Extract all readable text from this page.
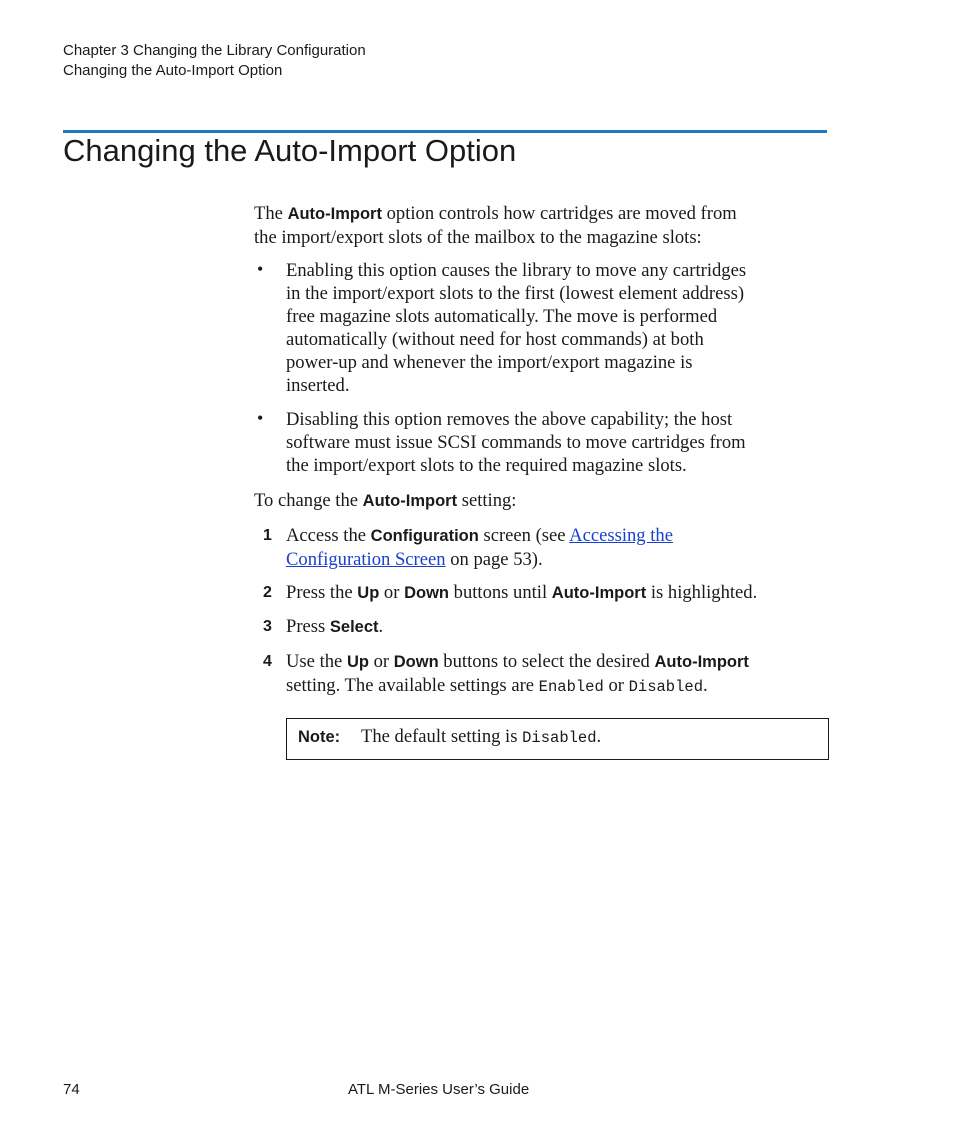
Chapter 3 Changing the Library Configuration
Changing the Auto-Import Option
Changing the Auto-Import Option
The Auto-Import option controls how cartridges are moved from
the import/export slots of the mailbox to the magazine slots:
• Enabling this option causes the library to move any cartridges
in the import/export slots to the first (lowest element address)
free magazine slots automatically. The move is performed
automatically (without need for host commands) at both
power-up and whenever the import/export magazine is
inserted.
• Disabling this option removes the above capability; the host
software must issue SCSI commands to move cartridges from
the import/export slots to the required magazine slots.
To change the Auto-Import setting:
1 Access the Configuration screen (see Accessing the
Configuration Screen on page 53).
2 Press the Up or Down buttons until Auto-Import is highlighted.
3 Press Select.
4 Use the Up or Down buttons to select the desired Auto-Import
setting. The available settings are Enabled or Disabled.
Note: The default setting is Disabled.
74	ATL M-Series User’s Guide
